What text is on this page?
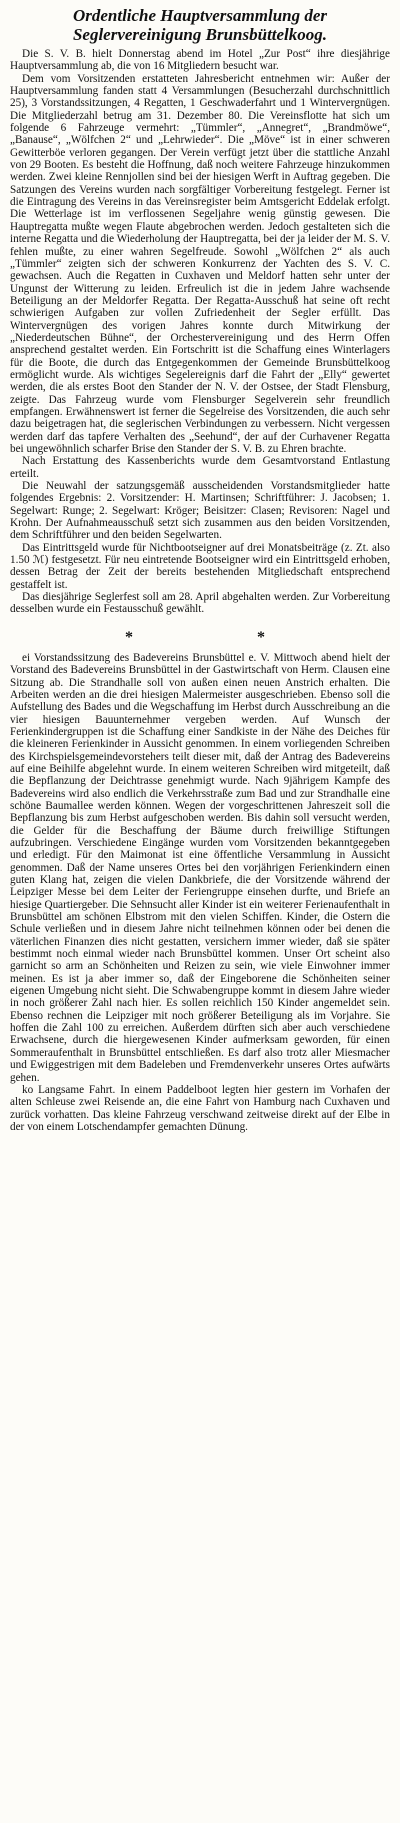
Ordentliche Hauptversammlung der Seglervereinigung Brunsbüttelkoog.

Die S. V. B. hielt Donnerstag abend im Hotel „Zur Post“ ihre diesjährige Hauptversammlung ab, die von 16 Mitgliedern besucht war.

Dem vom Vorsitzenden erstatteten Jahresbericht entnehmen wir: Außer der Hauptversammlung fanden statt 4 Versammlungen (Besucherzahl durchschnittlich 25), 3 Vorstandssitzungen, 4 Regatten, 1 Geschwaderfahrt und 1 Wintervergnügen. Die Mitgliederzahl betrug am 31. Dezember 80. Die Vereinsflotte hat sich um folgende 6 Fahrzeuge vermehrt: „Tümmler“, „Annegret“, „Brandmöwe“, „Banause“, „Wölfchen 2“ und „Lehrwieder“. Die „Möve“ ist in einer schweren Gewitterböe verloren gegangen. Der Verein verfügt jetzt über die stattliche Anzahl von 29 Booten. Es besteht die Hoffnung, daß noch weitere Fahrzeuge hinzukommen werden. Zwei kleine Rennjollen sind bei der hiesigen Werft in Auftrag gegeben. Die Satzungen des Vereins wurden nach sorgfältiger Vorbereitung festgelegt. Ferner ist die Eintragung des Vereins in das Vereinsregister beim Amtsgericht Eddelak erfolgt. Die Wetterlage ist im verflossenen Segeljahre wenig günstig gewesen. Die Hauptregatta mußte wegen Flaute abgebrochen werden. Jedoch gestalteten sich die interne Regatta und die Wiederholung der Hauptregatta, bei der ja leider der M. S. V. fehlen mußte, zu einer wahren Segelfreude. Sowohl „Wölfchen 2“ als auch „Tümmler“ zeigten sich der schweren Konkurrenz der Yachten des S. V. C. gewachsen. Auch die Regatten in Cuxhaven und Meldorf hatten sehr unter der Ungunst der Witterung zu leiden. Erfreulich ist die in jedem Jahre wachsende Beteiligung an der Meldorfer Regatta. Der Regatta-Ausschuß hat seine oft recht schwierigen Aufgaben zur vollen Zufriedenheit der Segler erfüllt. Das Wintervergnügen des vorigen Jahres konnte durch Mitwirkung der „Niederdeutschen Bühne“, der Orchestervereinigung und des Herrn Offen ansprechend gestaltet werden. Ein Fortschritt ist die Schaffung eines Winterlagers für die Boote, die durch das Entgegenkommen der Gemeinde Brunsbüttelkoog ermöglicht wurde. Als wichtiges Segelereignis darf die Fahrt der „Elly“ gewertet werden, die als erstes Boot den Stander der N. V. der Ostsee, der Stadt Flensburg, zeigte. Das Fahrzeug wurde vom Flensburger Segelverein sehr freundlich empfangen. Erwähnenswert ist ferner die Segelreise des Vorsitzenden, die auch sehr dazu beigetragen hat, die seglerischen Verbindungen zu verbessern. Nicht vergessen werden darf das tapfere Verhalten des „Seehund“, der auf der Curhavener Regatta bei ungewöhnlich scharfer Brise den Stander der S. V. B. zu Ehren brachte.

Nach Erstattung des Kassenberichts wurde dem Gesamtvorstand Entlastung erteilt.

Die Neuwahl der satzungsgemäß ausscheidenden Vorstandsmitglieder hatte folgendes Ergebnis: 2. Vorsitzender: H. Martinsen; Schriftführer: J. Jacobsen; 1. Segelwart: Runge; 2. Segelwart: Kröger; Beisitzer: Clasen; Revisoren: Nagel und Krohn. Der Aufnahmeausschuß setzt sich zusammen aus den beiden Vorsitzenden, dem Schriftführer und den beiden Segelwarten.

Das Eintrittsgeld wurde für Nichtbootseigner auf drei Monatsbeiträge (z. Zt. also 1.50 ℳ) festgesetzt. Für neu eintretende Bootseigner wird ein Eintrittsgeld erhoben, dessen Betrag der Zeit der bereits bestehenden Mitgliedschaft entsprechend gestaffelt ist.

Das diesjährige Seglerfest soll am 28. April abgehalten werden. Zur Vorbereitung desselben wurde ein Festausschuß gewählt.

* *

ei Vorstandssitzung des Badevereins Brunsbüttel e. V. Mittwoch abend hielt der Vorstand des Badevereins Brunsbüttel in der Gastwirtschaft von Herm. Clausen eine Sitzung ab. Die Strandhalle soll von außen einen neuen Anstrich erhalten. Die Arbeiten werden an die drei hiesigen Malermeister ausgeschrieben. Ebenso soll die Aufstellung des Bades und die Wegschaffung im Herbst durch Ausschreibung an die vier hiesigen Bauunternehmer vergeben werden. Auf Wunsch der Ferienkindergruppen ist die Schaffung einer Sandkiste in der Nähe des Deiches für die kleineren Ferienkinder in Aussicht genommen. In einem vorliegenden Schreiben des Kirchspielsgemeindevorstehers teilt dieser mit, daß der Antrag des Badevereins auf eine Beihilfe abgelehnt wurde. In einem weiteren Schreiben wird mitgeteilt, daß die Bepflanzung der Deichtrasse genehmigt wurde. Nach 9jährigem Kampfe des Badevereins wird also endlich die Verkehrsstraße zum Bad und zur Strandhalle eine schöne Baumallee werden können. Wegen der vorgeschrittenen Jahreszeit soll die Bepflanzung bis zum Herbst aufgeschoben werden. Bis dahin soll versucht werden, die Gelder für die Beschaffung der Bäume durch freiwillige Stiftungen aufzubringen. Verschiedene Eingänge wurden vom Vorsitzenden bekanntgegeben und erledigt. Für den Maimonat ist eine öffentliche Versammlung in Aussicht genommen. Daß der Name unseres Ortes bei den vorjährigen Ferienkindern einen guten Klang hat, zeigen die vielen Dankbriefe, die der Vorsitzende während der Leipziger Messe bei dem Leiter der Feriengruppe einsehen durfte, und Briefe an hiesige Quartiergeber. Die Sehnsucht aller Kinder ist ein weiterer Ferienaufenthalt in Brunsbüttel am schönen Elbstrom mit den vielen Schiffen. Kinder, die Ostern die Schule verließen und in diesem Jahre nicht teilnehmen können oder bei denen die väterlichen Finanzen dies nicht gestatten, versichern immer wieder, daß sie später bestimmt noch einmal wieder nach Brunsbüttel kommen. Unser Ort scheint also garnicht so arm an Schönheiten und Reizen zu sein, wie viele Einwohner immer meinen. Es ist ja aber immer so, daß der Eingeborene die Schönheiten seiner eigenen Umgebung nicht sieht. Die Schwabengruppe kommt in diesem Jahre wieder in noch größerer Zahl nach hier. Es sollen reichlich 150 Kinder angemeldet sein. Ebenso rechnen die Leipziger mit noch größerer Beteiligung als im Vorjahre. Sie hoffen die Zahl 100 zu erreichen. Außerdem dürften sich aber auch verschiedene Erwachsene, durch die hiergewesenen Kinder aufmerksam geworden, für einen Sommeraufenthalt in Brunsbüttel entschließen. Es darf also trotz aller Miesmacher und Ewiggestrigen mit dem Badeleben und Fremdenverkehr unseres Ortes aufwärts gehen.

ko Langsame Fahrt. In einem Paddelboot legten hier gestern im Vorhafen der alten Schleuse zwei Reisende an, die eine Fahrt von Hamburg nach Cuxhaven und zurück vorhatten. Das kleine Fahrzeug verschwand zeitweise direkt auf der Elbe in der von einem Lotschendampfer gemachten Dünung.
